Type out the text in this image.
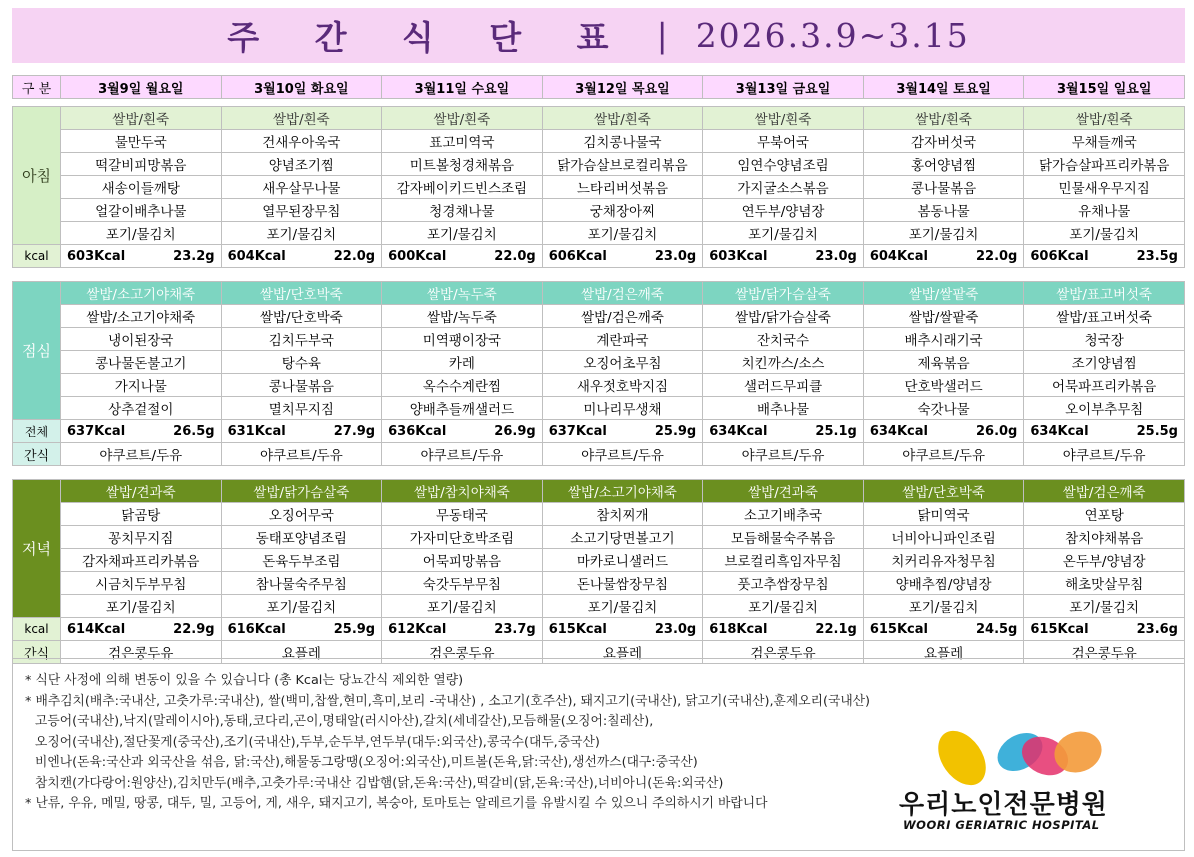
주 간 식 단 표 | 2026.3.9~3.15
구 분	3월9일 월요일	3월10일 화요일	3월11일 수요일	3월12일 목요일	3월13일 금요일	3월14일 토요일	3월15일 일요일

아침	쌀밥/흰죽	쌀밥/흰죽	쌀밥/흰죽	쌀밥/흰죽	쌀밥/흰죽	쌀밥/흰죽	쌀밥/흰죽
	물만두국	건새우아욱국	표고미역국	김치콩나물국	무북어국	감자버섯국	무채들깨국
	떡갈비피망볶음	양념조기찜	미트볼청경채볶음	닭가슴살브로컬리볶음	임연수양념조림	홍어양념찜	닭가슴살파프리카볶음
	새송이들깨탕	새우살무나물	감자베이키드빈스조림	느타리버섯볶음	가지굴소스볶음	콩나물볶음	민물새우무지짐
	얼갈이배추나물	열무된장무침	청경채나물	궁채장아찌	연두부/양념장	봄동나물	유채나물
	포기/물김치	포기/물김치	포기/물김치	포기/물김치	포기/물김치	포기/물김치	포기/물김치
kcal	603Kcal 23.2g	604Kcal 22.0g	600Kcal 22.0g	606Kcal 23.0g	603Kcal 23.0g	604Kcal 22.0g	606Kcal 23.5g

점심	쌀밥/소고기야채죽	쌀밥/단호박죽	쌀밥/녹두죽	쌀밥/검은깨죽	쌀밥/닭가슴살죽	쌀밥/쌀팥죽	쌀밥/표고버섯죽
	쌀밥/소고기야채죽	쌀밥/단호박죽	쌀밥/녹두죽	쌀밥/검은깨죽	쌀밥/닭가슴살죽	쌀밥/쌀팥죽	쌀밥/표고버섯죽
	냉이된장국	김치두부국	미역팽이장국	계란파국	잔치국수	배추시래기국	청국장
	콩나물돈불고기	탕수육	카레	오징어초무침	치킨까스/소스	제육볶음	조기양념찜
	가지나물	콩나물볶음	옥수수계란찜	새우젓호박지짐	샐러드무피클	단호박샐러드	어묵파프리카볶음
	상추겉절이	멸치무지짐	양배추들깨샐러드	미나리무생채	배추나물	숙갓나물	오이부추무침
전체	637Kcal 26.5g	631Kcal 27.9g	636Kcal 26.9g	637Kcal 25.9g	634Kcal 25.1g	634Kcal 26.0g	634Kcal 25.5g

간식	야쿠르트/두유	야쿠르트/두유	야쿠르트/두유	야쿠르트/두유	야쿠르트/두유	야쿠르트/두유	야쿠르트/두유

저녁	쌀밥/견과죽	쌀밥/닭가슴살죽	쌀밥/참치야채죽	쌀밥/소고기야채죽	쌀밥/견과죽	쌀밥/단호박죽	쌀밥/검은깨죽
	닭곰탕	오징어무국	무동태국	참치찌개	소고기배추국	닭미역국	연포탕
	꽁치무지짐	동태포양념조림	가자미단호박조림	소고기당면볼고기	모듬해물숙주볶음	너비아니파인조림	참치야채볶음
	감자채파프리카볶음	돈육두부조림	어묵피망볶음	마카로니샐러드	브로컬리흑임자무침	치커리유자청무침	온두부/양념장
	시금치두부무침	참나물숙주무침	숙갓두부무침	돈나물쌈장무침	풋고추쌈장무침	양배추찜/양념장	해초맛살무침
	포기/물김치	포기/물김치	포기/물김치	포기/물김치	포기/물김치	포기/물김치	포기/물김치
kcal	614Kcal 22.9g	616Kcal 25.9g	612Kcal 23.7g	615Kcal 23.0g	618Kcal 22.1g	615Kcal 24.5g	615Kcal 23.6g

간식	검은콩두유	요플레	검은콩두유	요플레	검은콩두유	요플레	검은콩두유
* 식단 사정에 의해 변동이 있을 수 있습니다 (총 Kcal는 당뇨간식 제외한 열량)
* 배추김치(배추:국내산, 고춧가루:국내산), 쌀(백미,찹쌀,현미,흑미,보리 -국내산) , 소고기(호주산), 돼지고기(국내산), 닭고기(국내산),훈제오리(국내산)
고등어(국내산),낙지(말레이시아),동태,코다리,곤이,명태알(러시아산),갈치(세네갈산),모듬해물(오징어:칠레산),
오징어(국내산),절단꽃게(중국산),조기(국내산),두부,순두부,연두부(대두:외국산),콩국수(대두,중국산)
비엔나(돈육:국산과 외국산을 섞음, 닭:국산),해물동그랑땡(오징어:외국산),미트볼(돈육,닭:국산),생선까스(대구:중국산)
참치캔(가다랑어:원양산),김치만두(배추,고춧가루:국내산 김밥햄(닭,돈육:국산),떡갈비(닭,돈육:국산),너비아니(돈육:외국산)
* 난류, 우유, 메밀, 땅콩, 대두, 밀, 고등어, 게, 새우, 돼지고기, 복숭아, 토마토는 알레르기를 유발시킬 수 있으니 주의하시기 바랍니다	우리노인전문병원
WOORI GERIATRIC HOSPITAL
